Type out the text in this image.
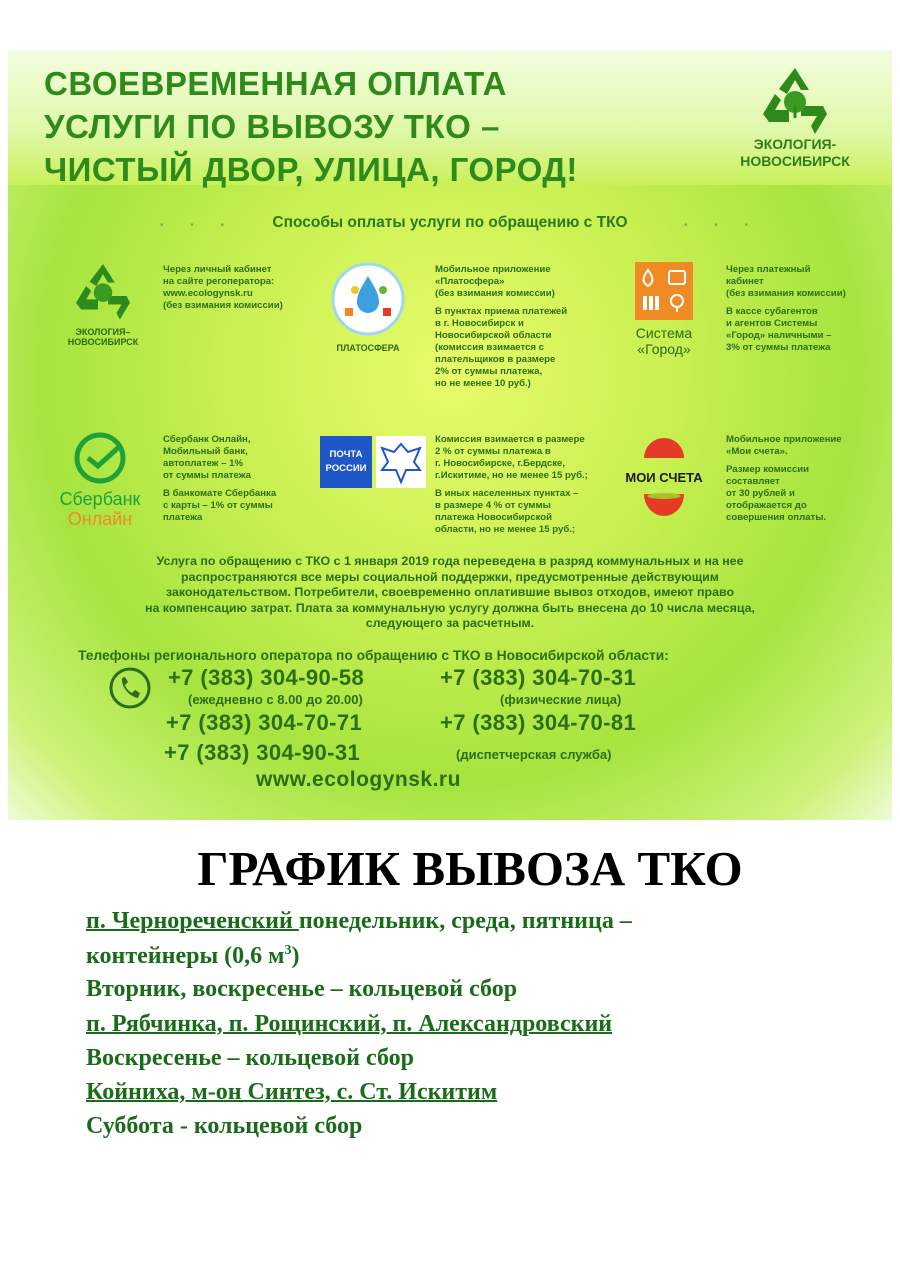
СВОЕВРЕМЕННАЯ ОПЛАТА
УСЛУГИ ПО ВЫВОЗУ ТКО –
ЧИСТЫЙ ДВОР, УЛИЦА, ГОРОД!
ЭКОЛОГИЯ-
НОВОСИБИРСК
• • •	• • •
Способы оплаты услуги по обращению с ТКО
ЭКОЛОГИЯ–
НОВОСИБИРСК
Через личный кабинет
на сайте регоператора:
www.ecologynsk.ru
(без взимания комиссии)
ПЛАТОСФЕРА

Мобильное приложение
«Платосфера»
(без взимания комиссии)

В пунктах приема платежей
в г. Новосибирск и
Новосибирской области
(комиссия взимается с
плательщиков в размере
2% от суммы платежа,
но не менее 10 руб.)

Система
«Город»

Через платежный
кабинет
(без взимания комиссии)

В кассе субагентов
и агентов Системы
«Город» наличными –
3% от суммы платежа

Сбербанк
Онлайн

Сбербанк Онлайн,
Мобильный банк,
автоплатеж – 1%
от суммы платежа

В банкомате Сбербанка
с карты – 1% от суммы
платежа

ПОЧТА
РОССИИ

Комиссия взимается в размере
2 % от суммы платежа в
г. Новосибирске, г.Бердске,
г.Искитиме, но не менее 15 руб.;

В иных населенных пунктах –
в размере 4 % от суммы
платежа Новосибирской
области, но не менее 15 руб.;

МОИ СЧЕТА

Мобильное приложение
«Мои счета».

Размер комиссии
составляет
от 30 рублей и
отображается до
совершения оплаты.

Услуга по обращению с ТКО с 1 января 2019 года переведена в разряд коммунальных и на нее
распространяются все меры социальной поддержки, предусмотренные действующим
законодательством. Потребители, своевременно оплатившие вывоз отходов, имеют право
на компенсацию затрат. Плата за коммунальную услугу должна быть внесена до 10 числа месяца,
следующего за расчетным.
Телефоны регионального оператора по обращению с ТКО в Новосибирской области:
+7 (383) 304-90-58
(ежедневно с 8.00 до 20.00)
+7 (383) 304-70-31
(физические лица)
+7 (383) 304-70-71	+7 (383) 304-70-81
+7 (383) 304-90-31	(диспетчерская служба)
www.ecologynsk.ru
ГРАФИК ВЫВОЗА ТКО
п. Чернореченский понедельник, среда, пятница –
контейнеры (0,6 $м^3$)
Вторник, воскресенье – кольцевой сбор
п. Рябчинка, п. Рощинский, п. Александровский
Воскресенье – кольцевой сбор
Койниха, м-он Синтез, с. Ст. Искитим
Суббота - кольцевой сбор
